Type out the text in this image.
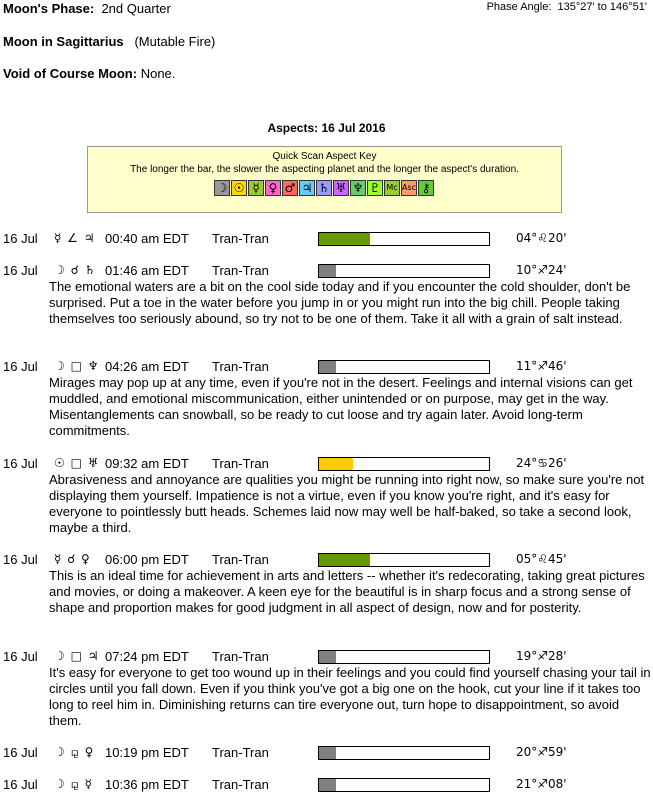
Moon's Phase: 2nd Quarter	Phase Angle: 135°27' to 146°51'
Moon in Sagittarius (Mutable Fire)
Void of Course Moon: None.
Aspects: 16 Jul 2016
Quick Scan Aspect Key
The longer the bar, the slower the aspecting planet and the longer the aspect's duration.
☽ ☉ ☿ ♀ ♂ ♃ ♄ ♅ ♆ ♇ Mc Asc ⚷
16 Jul ☿ ∠ ♃ 00:40 am EDT Tran-Tran	04°♌20'
16 Jul ☽ ☌ ♄ 01:46 am EDT Tran-Tran	10°♐24'
The emotional waters are a bit on the cool side today and if you encounter the cold shoulder, don't be surprised. Put a toe in the water before you jump in or you might run into the big chill. People taking themselves too seriously abound, so try not to be one of them. Take it all with a grain of salt instead.
16 Jul ☽ □ ♆ 04:26 am EDT Tran-Tran	11°♐46'
Mirages may pop up at any time, even if you're not in the desert. Feelings and internal visions can get muddled, and emotional miscommunication, either unintended or on purpose, may get in the way. Misentanglements can snowball, so be ready to cut loose and try again later. Avoid long-term commitments.
16 Jul ☉ □ ♅ 09:32 am EDT Tran-Tran	24°♋26'
Abrasiveness and annoyance are qualities you might be running into right now, so make sure you're not displaying them yourself. Impatience is not a virtue, even if you know you're right, and it's easy for everyone to pointlessly butt heads. Schemes laid now may well be half-baked, so take a second look, maybe a third.
16 Jul ☿ ☌ ♀ 06:00 pm EDT Tran-Tran	05°♌45'
This is an ideal time for achievement in arts and letters -- whether it's redecorating, taking great pictures and movies, or doing a makeover. A keen eye for the beautiful is in sharp focus and a strong sense of shape and proportion makes for good judgment in all aspect of design, now and for posterity.
16 Jul ☽ □ ♃ 07:24 pm EDT Tran-Tran	19°♐28'
It's easy for everyone to get too wound up in their feelings and you could find yourself chasing your tail in circles until you fall down. Even if you think you've got a big one on the hook, cut your line if it takes too long to reel him in. Diminishing returns can tire everyone out, turn hope to disappointment, so avoid them.
16 Jul ☽ ⚼ ♀ 10:19 pm EDT Tran-Tran	20°♐59'
16 Jul ☽ ⚼ ☿ 10:36 pm EDT Tran-Tran	21°♐08'
